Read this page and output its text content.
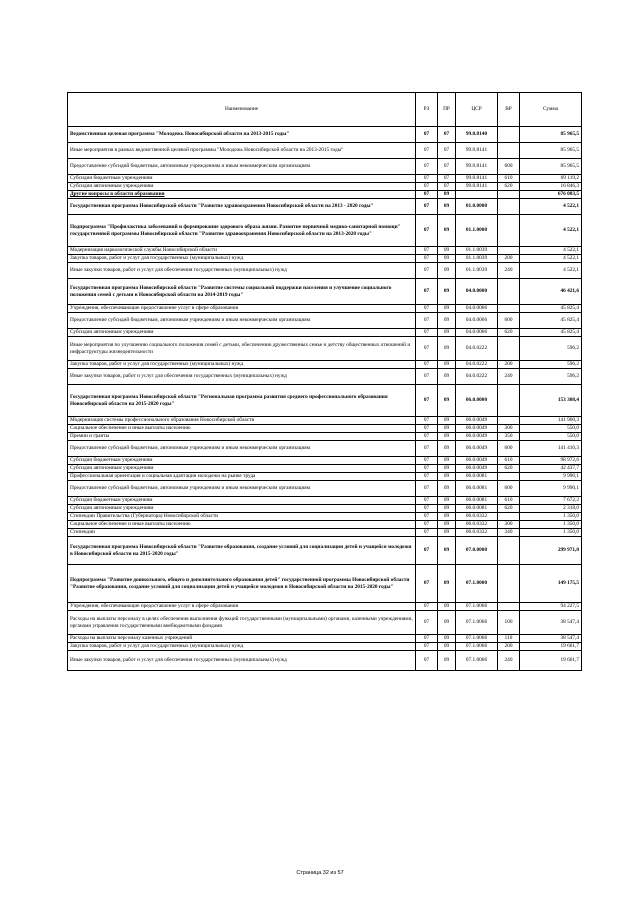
Наименование	РЗ	ПР	ЦСР	ВР	Сумма
Ведомственная целевая программа "Молодежь Новосибирской области на 2013-2015 годы"	07	07	99.0.8140		85 965,5
Иные мероприятия в рамках ведомственной целевой программы "Молодежь Новосибирской области на 2013-2015 годы"	07	07	99.0.8141		85 965,5
Предоставление субсидий бюджетным, автономным учреждениям и иным некоммерческим организациям	07	07	99.0.8141	600	85 965,5
Субсидии бюджетным учреждениям	07	07	99.0.8141	610	69 119,2
Субсидии автономным учреждениям	07	07	99.0.8141	620	16 846,3
Другие вопросы в области образования	07	09			676 083,5
Государственная программа Новосибирской области "Развитие здравоохранения Новосибирской области на 2013 - 2020 годы"	07	09	01.0.0000		4 522,1
Подпрограмма "Профилактика заболеваний и формирование здорового образа жизни. Развитие первичной медико-санитарной помощи" государственной программы Новосибирской области "Развитие здравоохранения Новосибирской области на 2013-2020 годы"	07	09	01.1.0000		4 522,1
Модернизация наркологической службы Новосибирской области	07	09	01.1.0039		4 522,1
Закупка товаров, работ и услуг для государственных (муниципальных) нужд	07	09	01.1.0039	200	4 522,1
Иные закупки товаров, работ и услуг для обеспечения государственных (муниципальных) нужд	07	09	01.1.0039	240	4 522,1
Государственная программа Новосибирской области "Развитие системы социальной поддержки населения и улучшение социального положения семей с детьми в Новосибирской области на 2014-2019 годы"	07	09	04.0.0000		46 421,6
Учреждения, обеспечивающие предоставление услуг в сфере образования	07	09	04.0.0066		45 825,4
Предоставление субсидий бюджетным, автономным учреждениям и иным некоммерческим организациям	07	09	04.0.0066	600	45 825,4
Субсидии автономным учреждениям	07	09	04.0.0066	620	45 825,4
Иные мероприятия по улучшению социального положения семей с детьми, обеспечению дружественных семье и детству общественных отношений и инфраструктуры жизнедеятельности	07	09	04.0.0222		596,2
Закупка товаров, работ и услуг для государственных (муниципальных) нужд	07	09	04.0.0222	200	596,2
Иные закупки товаров, работ и услуг для обеспечения государственных (муниципальных) нужд	07	09	04.0.0222	240	596,2
Государственная программа Новосибирской области "Региональная программа развития среднего профессионального образования Новосибирской области на 2015-2020 годы"	07	09	06.0.0000		153 308,4
Модернизация системы профессионального образования Новосибирской области	07	09	06.0.0049		141 960,3
Социальное обеспечение и иные выплаты населению	07	09	06.0.0049	300	550,0
Премии и гранты	07	09	06.0.0049	350	550,0
Предоставление субсидий бюджетным, автономным учреждениям и иным некоммерческим организациям	07	09	06.0.0049	600	141 410,3
Субсидии бюджетным учреждениям	07	09	06.0.0049	610	98 972,6
Субсидии автономным учреждениям	07	09	06.0.0049	620	42 437,7
Профессиональная ориентация и социальная адаптация молодежи на рынке труда	07	09	06.0.0081		9 990,1
Предоставление субсидий бюджетным, автономным учреждениям и иным некоммерческим организациям	07	09	06.0.0081	600	9 990,1
Субсидии бюджетным учреждениям	07	09	06.0.0081	610	7 672,2
Субсидии автономным учреждениям	07	09	06.0.0081	620	2 318,0
Стипендии Правительства (Губернатора) Новосибирской области	07	09	06.0.0332		1 350,0
Социальное обеспечение и иные выплаты населению	07	09	06.0.0332	300	1 350,0
Стипендии	07	09	06.0.0332	340	1 350,0
Государственная программа Новосибирской области "Развитие образования, создание условий для социализации детей и учащейся молодежи в Новосибирской области на 2015-2020 годы"	07	09	07.0.0000		299 971,0
Подпрограмма "Развитие дошкольного, общего и дополнительного образования детей" государственной программы Новосибирской области "Развитие образования, создание условий для социализации детей и учащейся молодежи в Новосибирской области на 2015-2020 годы"	07	09	07.1.0000		149 175,5
Учреждения, обеспечивающие предоставление услуг в сфере образования	07	09	07.1.0066		94 227,5
Расходы на выплаты персоналу в целях обеспечения выполнения функций государственными (муниципальными) органами, казенными учреждениями, органами управления государственными внебюджетными фондами	07	09	07.1.0066	100	38 547,4
Расходы на выплаты персоналу казенных учреждений	07	09	07.1.0066	110	38 547,4
Закупка товаров, работ и услуг для государственных (муниципальных) нужд	07	09	07.1.0066	200	19 661,7
Иные закупки товаров, работ и услуг для обеспечения государственных (муниципальных) нужд	07	09	07.1.0066	240	19 661,7
Страница 32 из 57
